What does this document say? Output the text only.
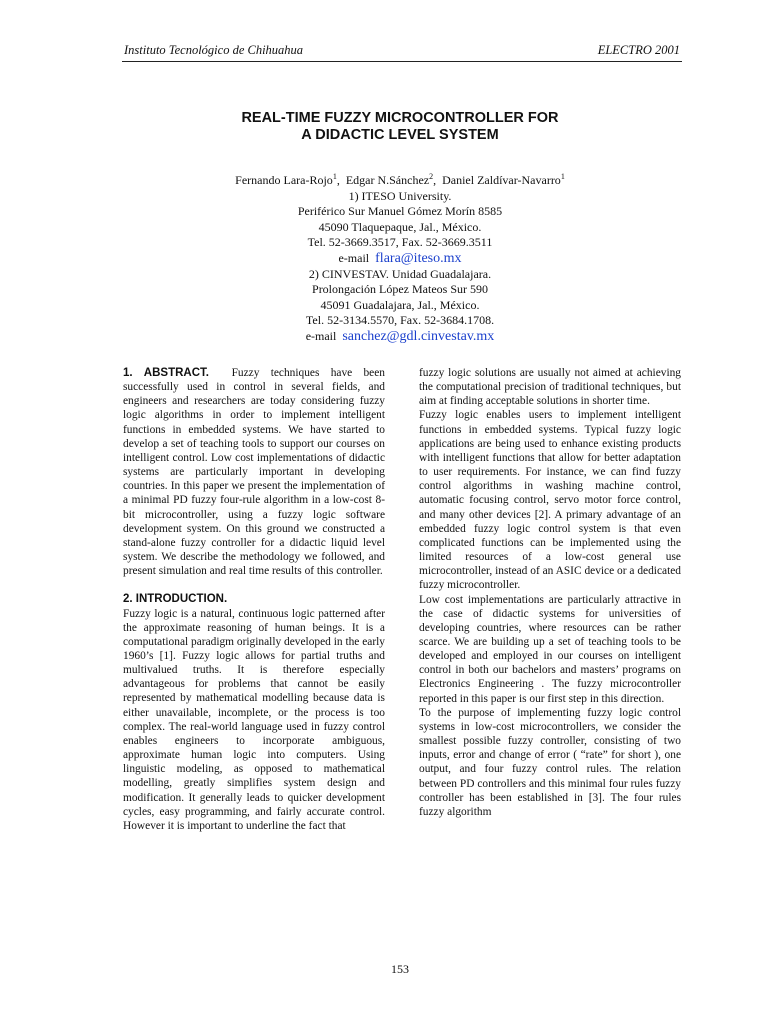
Instituto Tecnológico de Chihuahua	ELECTRO 2001
REAL-TIME FUZZY MICROCONTROLLER FOR
A DIDACTIC LEVEL SYSTEM
Fernando Lara-Rojo$^1$,  Edgar N.Sánchez$^2$,  Daniel Zaldívar-Navarro$^1$
1) ITESO University.
Periférico Sur Manuel Gómez Morín 8585
45090 Tlaquepaque, Jal., México.
Tel. 52-3669.3517, Fax. 52-3669.3511
e-mail flara@iteso.mx
2) CINVESTAV. Unidad Guadalajara.
Prolongación López Mateos Sur 590
45091 Guadalajara, Jal., México.
Tel. 52-3134.5570, Fax. 52-3684.1708.
e-mail sanchez@gdl.cinvestav.mx

1. ABSTRACT. Fuzzy techniques have been successfully used in control in several fields, and engineers and researchers are today considering fuzzy logic algorithms in order to implement intelligent functions in embedded systems. We have started to develop a set of teaching tools to support our courses on intelligent control. Low cost implementations of didactic systems are particularly important in developing countries. In this paper we present the implementation of a minimal PD fuzzy four-rule algorithm in a low-cost 8-bit microcontroller, using a fuzzy logic software development system. On this ground we constructed a stand-alone fuzzy controller for a didactic liquid level system. We describe the methodology we followed, and present simulation and real time results of this controller.

2. INTRODUCTION.

Fuzzy logic is a natural, continuous logic patterned after the approximate reasoning of human beings. It is a computational paradigm originally developed in the early 1960’s [1]. Fuzzy logic allows for partial truths and multivalued truths. It is therefore especially advantageous for problems that cannot be easily represented by mathematical modelling because data is either unavailable, incomplete, or the process is too complex. The real-world language used in fuzzy control enables engineers to incorporate ambiguous, approximate human logic into computers. Using linguistic modeling, as opposed to mathematical modelling, greatly simplifies system design and modification. It generally leads to quicker development cycles, easy programming, and fairly accurate control. However it is important to underline the fact that

fuzzy logic solutions are usually not aimed at achieving the computational precision of traditional techniques, but aim at finding acceptable solutions in shorter time.

Fuzzy logic enables users to implement intelligent functions in embedded systems. Typical fuzzy logic applications are being used to enhance existing products with intelligent functions that allow for better adaptation to user requirements. For instance, we can find fuzzy control algorithms in washing machine control, automatic focusing control, servo motor force control, and many other devices [2]. A primary advantage of an embedded fuzzy logic control system is that even complicated functions can be implemented using the limited resources of a low-cost general use microcontroller, instead of an ASIC device or a dedicated fuzzy microcontroller.

Low cost implementations are particularly attractive in the case of didactic systems for universities of developing countries, where resources can be rather scarce. We are building up a set of teaching tools to be developed and employed in our courses on intelligent control in both our bachelors and masters’ programs on Electronics Engineering . The fuzzy microcontroller reported in this paper is our first step in this direction.

To the purpose of implementing fuzzy logic control systems in low-cost microcontrollers, we consider the smallest possible fuzzy controller, consisting of two inputs, error and change of error ( “rate” for short ), one output, and four fuzzy control rules. The relation between PD controllers and this minimal four rules fuzzy controller has been established in [3]. The four rules fuzzy algorithm

153
